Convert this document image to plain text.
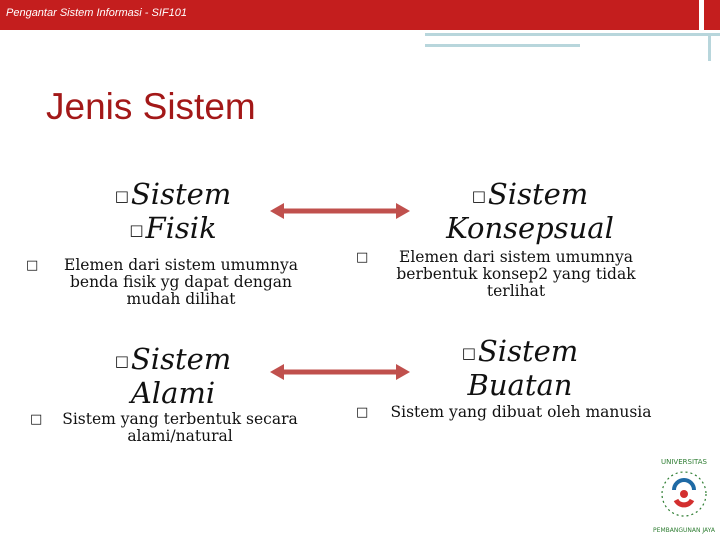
Pengantar Sistem Informasi - SIF101
Jenis Sistem
□Sistem
□Fisik
□	Elemen dari sistem umumnya
benda fisik yg dapat dengan
mudah dilihat
□Sistem
Konsepsual
□	Elemen dari sistem umumnya
berbentuk konsep2 yang tidak
terlihat
□Sistem
Alami
□	Sistem yang terbentuk secara
alami/natural
□Sistem
Buatan
□	Sistem yang dibuat oleh manusia
UNIVERSITAS
PEMBANGUNAN JAYA
